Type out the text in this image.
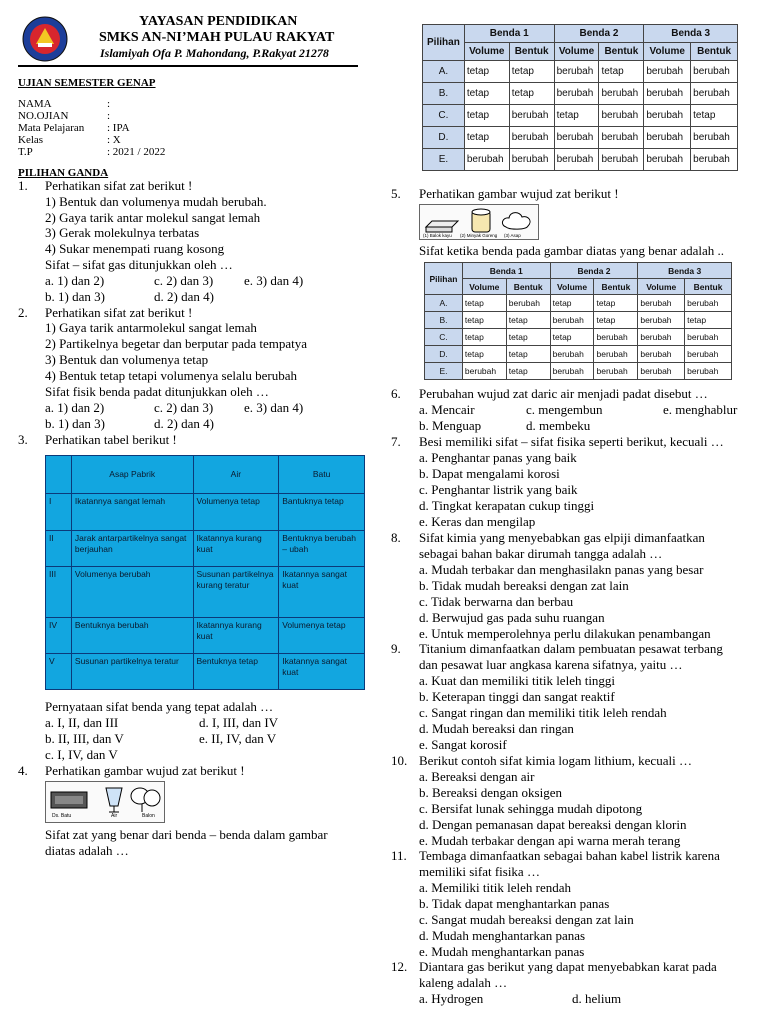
YAYASAN PENDIDIKAN
SMKS AN-NI’MAH PULAU RAKYAT
Islamiyah Ofa P. Mahondang, P.Rakyat 21278
UJIAN SEMESTER GENAP
NAMA	:
NO.OJIAN	:
Mata Pelajaran : IPA
Kelas	: X
T.P	: 2021 / 2022
PILIHAN GANDA
1. Perhatikan sifat zat berikut !
1) Bentuk dan volumenya mudah berubah.
2) Gaya tarik antar molekul sangat lemah
3) Gerak molekulnya terbatas
4) Sukar menempati ruang kosong
Sifat – sifat gas ditunjukkan oleh …
a. 1) dan 2)	c. 2) dan 3) e. 3) dan 4)
b. 1) dan 3)	d. 2) dan 4)
2. Perhatikan sifat zat berikut !
1) Gaya tarik antarmolekul sangat lemah
2) Partikelnya begetar dan berputar pada tempatya
3) Bentuk dan volumenya tetap
4) Bentuk tetap tetapi volumenya selalu berubah
Sifat fisik benda padat ditunjukkan oleh …
a. 1) dan 2)	c. 2) dan 3) e. 3) dan 4)
b. 1) dan 3)	d. 2) dan 4)
3. Perhatikan tabel berikut !
	Asap Pabrik	Air	Batu
I	Ikatannya sangat lemah	Volumenya tetap	Bantuknya tetap
II	Jarak antarpartikelnya sangat berjauhan	Ikatannya kurang kuat	Bentuknya berubah – ubah
III	Volumenya berubah	Susunan partikelnya kurang teratur	Ikatannya sangat kuat
IV	Bentuknya berubah	Ikatannya kurang kuat	Volumenya tetap
V	Susunan partikelnya teratur	Bentuknya tetap	Ikatannya sangat kuat
Pernyataan sifat benda yang tepat adalah …
a. I, II, dan III	d. I, III, dan IV
b. II, III, dan V	e. II, IV, dan V
c. I, IV, dan V
4. Perhatikan gambar wujud zat berikut !
Ds. Batu	Air	Balon
Sifat zat yang benar dari benda – benda dalam gambar
diatas adalah …
Pilihan	Benda 1		Benda 2		Benda 3	
	Volume	Bentuk	Volume	Bentuk	Volume	Bentuk
A.	tetap	tetap	berubah	tetap	berubah	berubah
B.	tetap	tetap	berubah	berubah	berubah	berubah
C.	tetap	berubah	tetap	berubah	berubah	tetap
D.	tetap	berubah	berubah	berubah	berubah	berubah
E.	berubah	berubah	berubah	berubah	berubah	berubah
5. Perhatikan gambar wujud zat berikut !
(1) Balok kayu (2) Minyak Goreng (3) Asap
Sifat ketika benda pada gambar diatas yang benar adalah ..
Pilihan	Benda 1		Benda 2		Benda 3	
	Volume	Bentuk	Volume	Bentuk	Volume	Bentuk
A.	tetap	berubah	tetap	tetap	berubah	berubah
B.	tetap	tetap	berubah	tetap	berubah	tetap
C.	tetap	tetap	tetap	berubah	berubah	berubah
D.	tetap	tetap	berubah	berubah	berubah	berubah
E.	berubah	tetap	berubah	berubah	berubah	berubah
6. Perubahan wujud zat daric air menjadi padat disebut …
a. Mencair	c. mengembun	e. menghablur
b. Menguap	d. membeku
7. Besi memiliki sifat – sifat fisika seperti berikut, kecuali …
a. Penghantar panas yang baik
b. Dapat mengalami korosi
c. Penghantar listrik yang baik
d. Tingkat kerapatan cukup tinggi
e. Keras dan mengilap
8. Sifat kimia yang menyebabkan gas elpiji dimanfaatkan
sebagai bahan bakar dirumah tangga adalah …
a. Mudah terbakar dan menghasilakn panas yang besar
b. Tidak mudah bereaksi dengan zat lain
c. Tidak berwarna dan berbau
d. Berwujud gas pada suhu ruangan
e. Untuk memperolehnya perlu dilakukan penambangan
9. Titanium dimanfaatkan dalam pembuatan pesawat terbang
dan pesawat luar angkasa karena sifatnya, yaitu …
a. Kuat dan memiliki titik leleh tinggi
b. Keterapan tinggi dan sangat reaktif
c. Sangat ringan dan memiliki titik leleh rendah
d. Mudah bereaksi dan ringan
e. Sangat korosif
10. Berikut contoh sifat kimia logam lithium, kecuali …
a. Bereaksi dengan air
b. Bereaksi dengan oksigen
c. Bersifat lunak sehingga mudah dipotong
d. Dengan pemanasan dapat bereaksi dengan klorin
e. Mudah terbakar dengan api warna merah terang
11. Tembaga dimanfaatkan sebagai bahan kabel listrik karena
memiliki sifat fisika …
a. Memiliki titik leleh rendah
b. Tidak dapat menghantarkan panas
c. Sangat mudah bereaksi dengan zat lain
d. Mudah menghantarkan panas
e. Mudah menghantarkan panas
12. Diantara gas berikut yang dapat menyebabkan karat pada
kaleng adalah …
a. Hydrogen	d. helium
